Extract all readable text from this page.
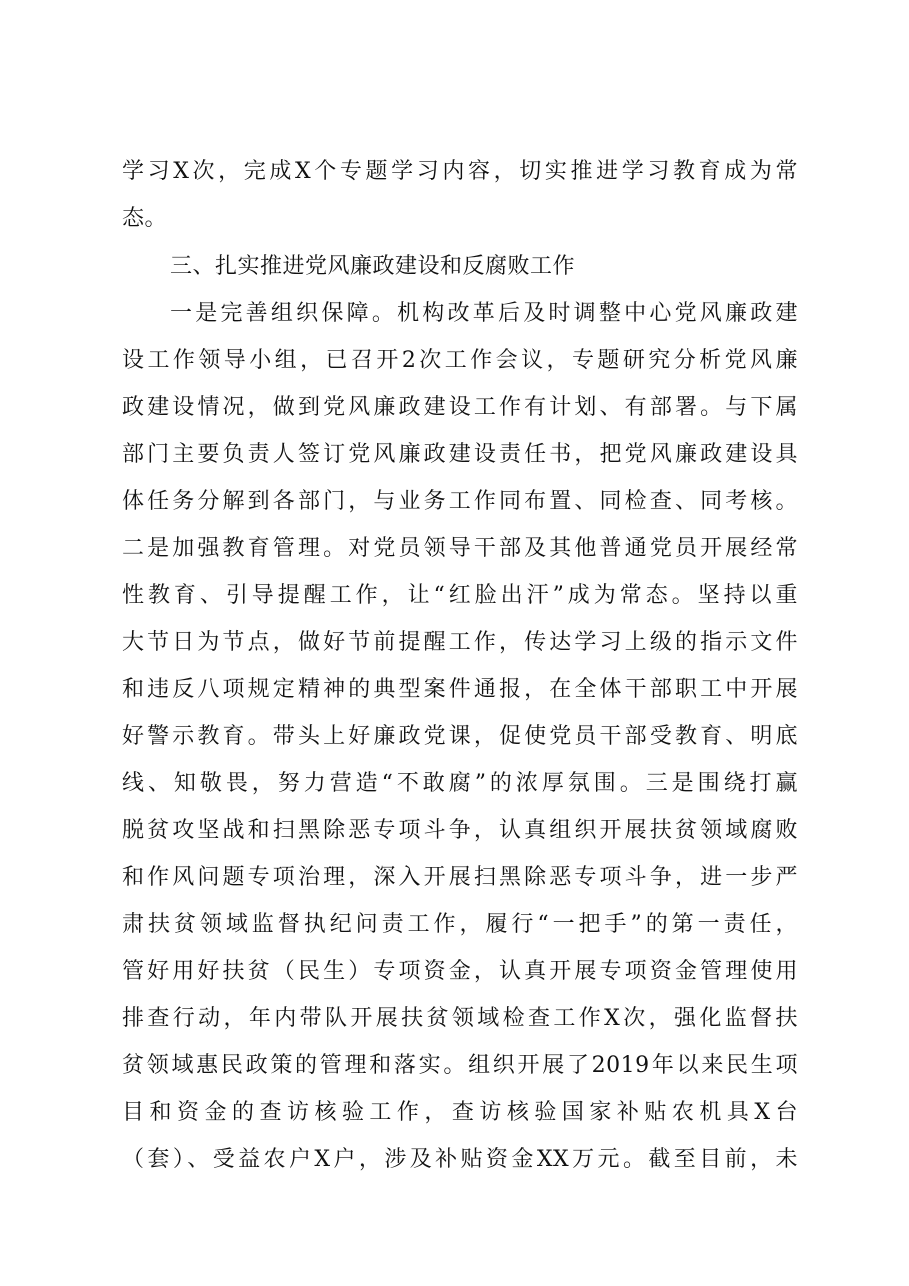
学习X次，完成X个专题学习内容，切实推进学习教育成为常
态。
三、扎实推进党风廉政建设和反腐败工作
一是完善组织保障。机构改革后及时调整中心党风廉政建
设工作领导小组，已召开2次工作会议，专题研究分析党风廉
政建设情况，做到党风廉政建设工作有计划、有部署。与下属
部门主要负责人签订党风廉政建设责任书，把党风廉政建设具
体任务分解到各部门，与业务工作同布置、同检查、同考核。
二是加强教育管理。对党员领导干部及其他普通党员开展经常
性教育、引导提醒工作，让“红脸出汗”成为常态。坚持以重
大节日为节点，做好节前提醒工作，传达学习上级的指示文件
和违反八项规定精神的典型案件通报，在全体干部职工中开展
好警示教育。带头上好廉政党课，促使党员干部受教育、明底
线、知敬畏，努力营造“不敢腐”的浓厚氛围。三是围绕打赢
脱贫攻坚战和扫黑除恶专项斗争，认真组织开展扶贫领域腐败
和作风问题专项治理，深入开展扫黑除恶专项斗争，进一步严
肃扶贫领域监督执纪问责工作，履行“一把手”的第一责任，
管好用好扶贫（民生）专项资金，认真开展专项资金管理使用
排查行动，年内带队开展扶贫领域检查工作X次，强化监督扶
贫领域惠民政策的管理和落实。组织开展了2019年以来民生项
目和资金的查访核验工作，查访核验国家补贴农机具X台
（套）、受益农户X户，涉及补贴资金XX万元。截至目前，未
